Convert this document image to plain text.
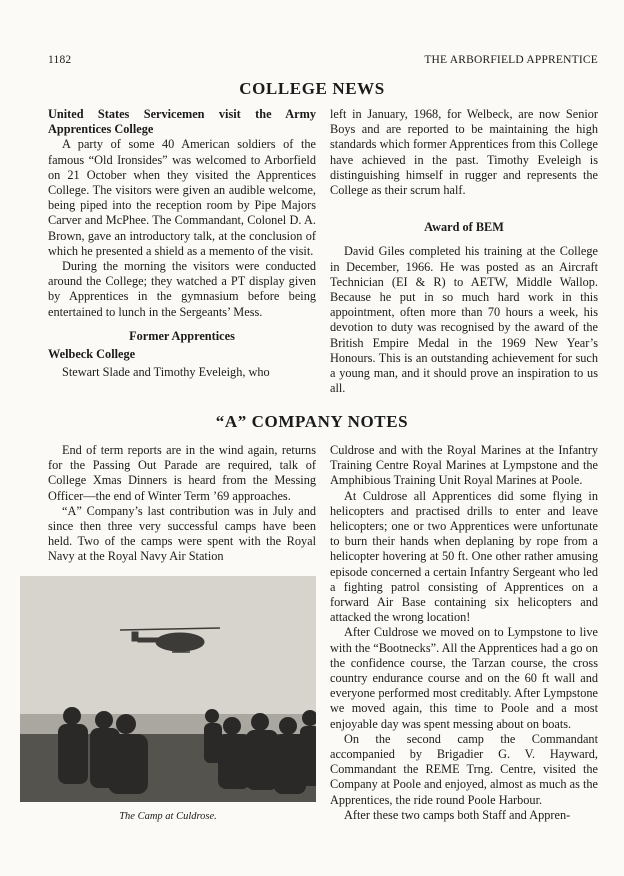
1182	THE ARBORFIELD APPRENTICE
COLLEGE NEWS
United States Servicemen visit the Army Apprentices College

A party of some 40 American soldiers of the famous “Old Ironsides” was welcomed to Arborfield on 21 October when they visited the Apprentices College. The visitors were given an audible welcome, being piped into the reception room by Pipe Majors Carver and McPhee. The Commandant, Colonel D. A. Brown, gave an introductory talk, at the conclusion of which he presented a shield as a memento of the visit.

During the morning the visitors were conducted around the College; they watched a PT display given by Apprentices in the gymnasium before being entertained to lunch in the Sergeants’ Mess.

Former Apprentices
Welbeck College

Stewart Slade and Timothy Eveleigh, who

left in January, 1968, for Welbeck, are now Senior Boys and are reported to be maintaining the high standards which former Apprentices from this College have achieved in the past. Timothy Eveleigh is distinguishing himself in rugger and represents the College as their scrum half.

Award of BEM

David Giles completed his training at the College in December, 1966. He was posted as an Aircraft Technician (EI & R) to AETW, Middle Wallop. Because he put in so much hard work in this appointment, often more than 70 hours a week, his devotion to duty was recognised by the award of the British Empire Medal in the 1969 New Year’s Honours. This is an outstanding achievement for such a young man, and it should prove an inspiration to us all.

“A” COMPANY NOTES

End of term reports are in the wind again, returns for the Passing Out Parade are required, talk of College Xmas Dinners is heard from the Messing Officer—the end of Winter Term ’69 approaches.

“A” Company’s last contribution was in July and since then three very successful camps have been held. Two of the camps were spent with the Royal Navy at the Royal Navy Air Station

The Camp at Culdrose.

Culdrose and with the Royal Marines at the Infantry Training Centre Royal Marines at Lympstone and the Amphibious Training Unit Royal Marines at Poole.

At Culdrose all Apprentices did some flying in helicopters and practised drills to enter and leave helicopters; one or two Apprentices were unfortunate to burn their hands when deplaning by rope from a helicopter hovering at 50 ft. One other rather amusing episode concerned a certain Infantry Sergeant who led a fighting patrol consisting of Apprentices on a forward Air Base containing six helicopters and attacked the wrong location!

After Culdrose we moved on to Lympstone to live with the “Bootnecks”. All the Apprentices had a go on the confidence course, the Tarzan course, the cross country endurance course and on the 60 ft wall and everyone performed most creditably. After Lympstone we moved again, this time to Poole and a most enjoyable day was spent messing about on boats.

On the second camp the Commandant accompanied by Brigadier G. V. Hayward, Commandant the REME Trng. Centre, visited the Company at Poole and enjoyed, almost as much as the Apprentices, the ride round Poole Harbour.

After these two camps both Staff and Appren-
